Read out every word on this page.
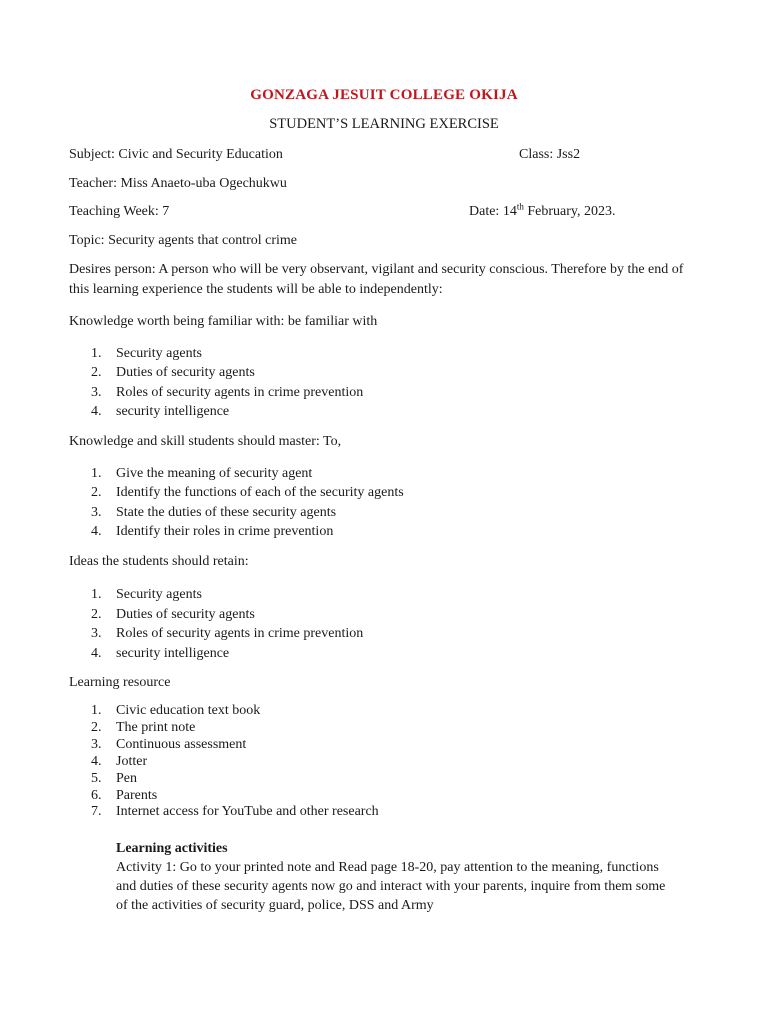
GONZAGA JESUIT COLLEGE OKIJA
STUDENT’S LEARNING EXERCISE
Subject: Civic and Security Education	Class: Jss2
Teacher: Miss Anaeto-uba Ogechukwu
Teaching Week: 7	Date: 14th February, 2023.
Topic: Security agents that control crime
Desires person: A person who will be very observant, vigilant and security conscious. Therefore by the end of this learning experience the students will be able to independently:
Knowledge worth being familiar with: be familiar with
1. Security agents
2. Duties of security agents
3. Roles of security agents in crime prevention
4. security intelligence
Knowledge and skill students should master: To,
1. Give the meaning of security agent
2. Identify the functions of each of the security agents
3. State the duties of these security agents
4. Identify their roles in crime prevention
Ideas the students should retain:
1. Security agents
2. Duties of security agents
3. Roles of security agents in crime prevention
4. security intelligence
Learning resource
1. Civic education text book
2. The print note
3. Continuous assessment
4. Jotter
5. Pen
6. Parents
7. Internet access for YouTube and other research
Learning activities
Activity 1: Go to your printed note and Read page 18-20, pay attention to the meaning, functions and duties of these security agents now go and interact with your parents, inquire from them some of the activities of security guard, police, DSS and Army
